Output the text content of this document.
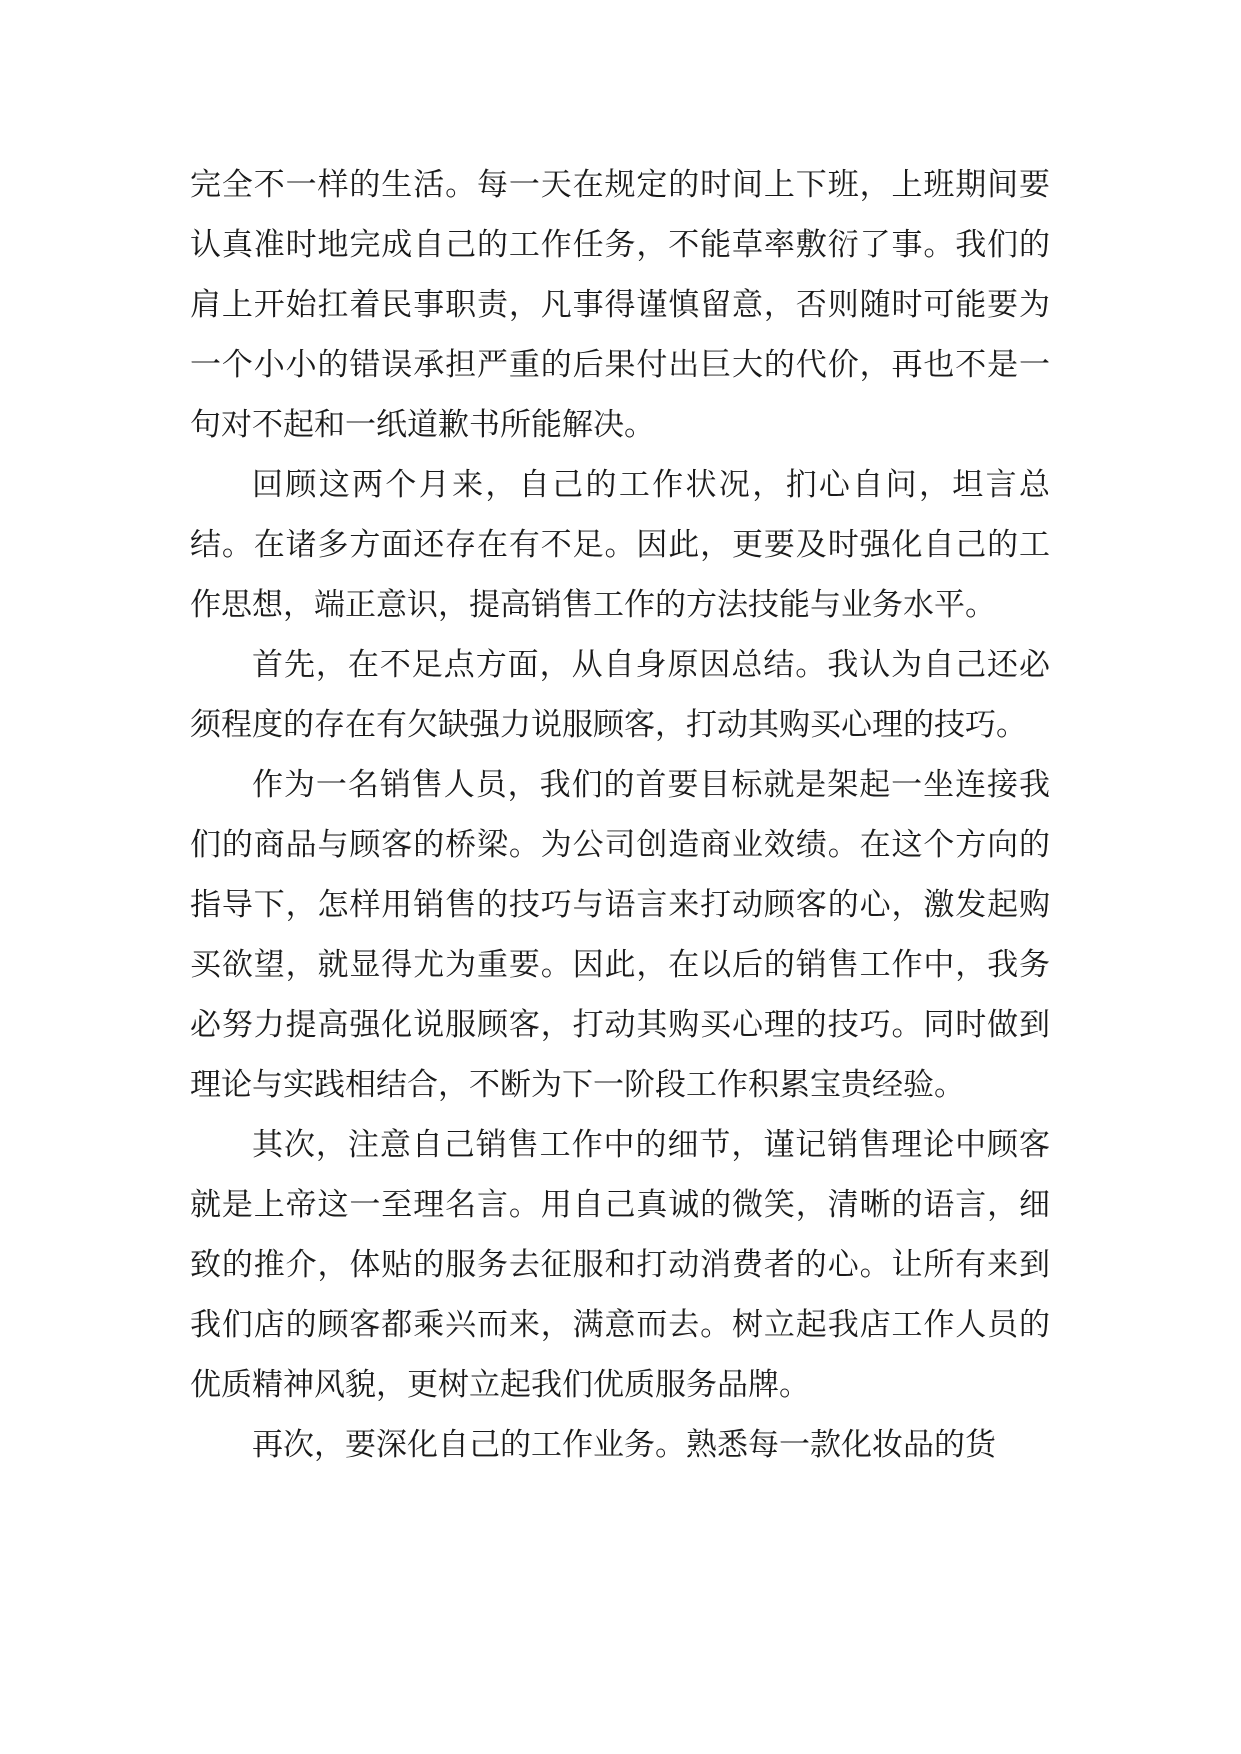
完全不一样的生活。每一天在规定的时间上下班，上班期间要认真准时地完成自己的工作任务，不能草率敷衍了事。我们的肩上开始扛着民事职责，凡事得谨慎留意，否则随时可能要为一个小小的错误承担严重的后果付出巨大的代价，再也不是一句对不起和一纸道歉书所能解决。

回顾这两个月来，自己的工作状况，扪心自问，坦言总结。在诸多方面还存在有不足。因此，更要及时强化自己的工作思想，端正意识，提高销售工作的方法技能与业务水平。

首先，在不足点方面，从自身原因总结。我认为自己还必须程度的存在有欠缺强力说服顾客，打动其购买心理的技巧。

作为一名销售人员，我们的首要目标就是架起一坐连接我们的商品与顾客的桥梁。为公司创造商业效绩。在这个方向的指导下，怎样用销售的技巧与语言来打动顾客的心，激发起购买欲望，就显得尤为重要。因此，在以后的销售工作中，我务必努力提高强化说服顾客，打动其购买心理的技巧。同时做到理论与实践相结合，不断为下一阶段工作积累宝贵经验。

其次，注意自己销售工作中的细节，谨记销售理论中顾客就是上帝这一至理名言。用自己真诚的微笑，清晰的语言，细致的推介，体贴的服务去征服和打动消费者的心。让所有来到我们店的顾客都乘兴而来，满意而去。树立起我店工作人员的优质精神风貌，更树立起我们优质服务品牌。

再次，要深化自己的工作业务。熟悉每一款化妆品的货
